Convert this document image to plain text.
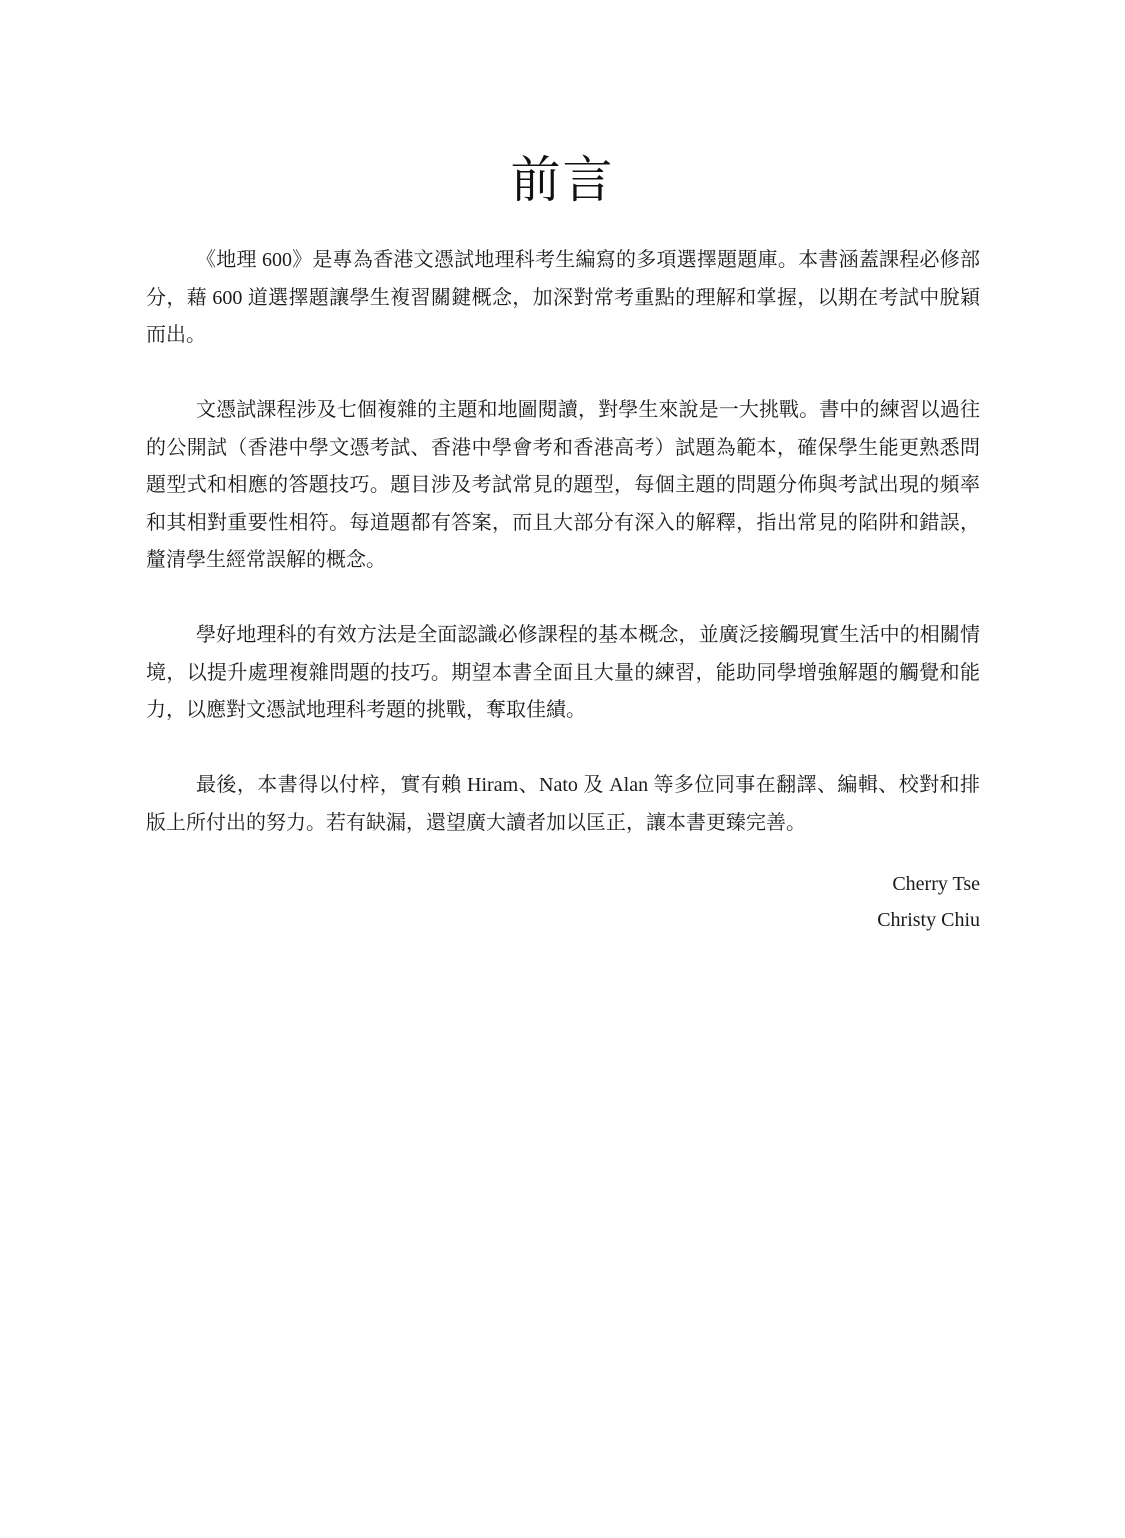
前言

《地理 600》是專為香港文憑試地理科考生編寫的多項選擇題題庫。本書涵蓋課程必修部分，藉 600 道選擇題讓學生複習關鍵概念，加深對常考重點的理解和掌握，以期在考試中脫穎而出。

文憑試課程涉及七個複雜的主題和地圖閱讀，對學生來說是一大挑戰。書中的練習以過往的公開試（香港中學文憑考試、香港中學會考和香港高考）試題為範本，確保學生能更熟悉問題型式和相應的答題技巧。題目涉及考試常見的題型，每個主題的問題分佈與考試出現的頻率和其相對重要性相符。每道題都有答案，而且大部分有深入的解釋，指出常見的陷阱和錯誤，釐清學生經常誤解的概念。

學好地理科的有效方法是全面認識必修課程的基本概念，並廣泛接觸現實生活中的相關情境，以提升處理複雜問題的技巧。期望本書全面且大量的練習，能助同學增強解題的觸覺和能力，以應對文憑試地理科考題的挑戰，奪取佳績。

最後，本書得以付梓，實有賴 Hiram、Nato 及 Alan 等多位同事在翻譯、編輯、校對和排版上所付出的努力。若有缺漏，還望廣大讀者加以匡正，讓本書更臻完善。

Cherry Tse
Christy Chiu
